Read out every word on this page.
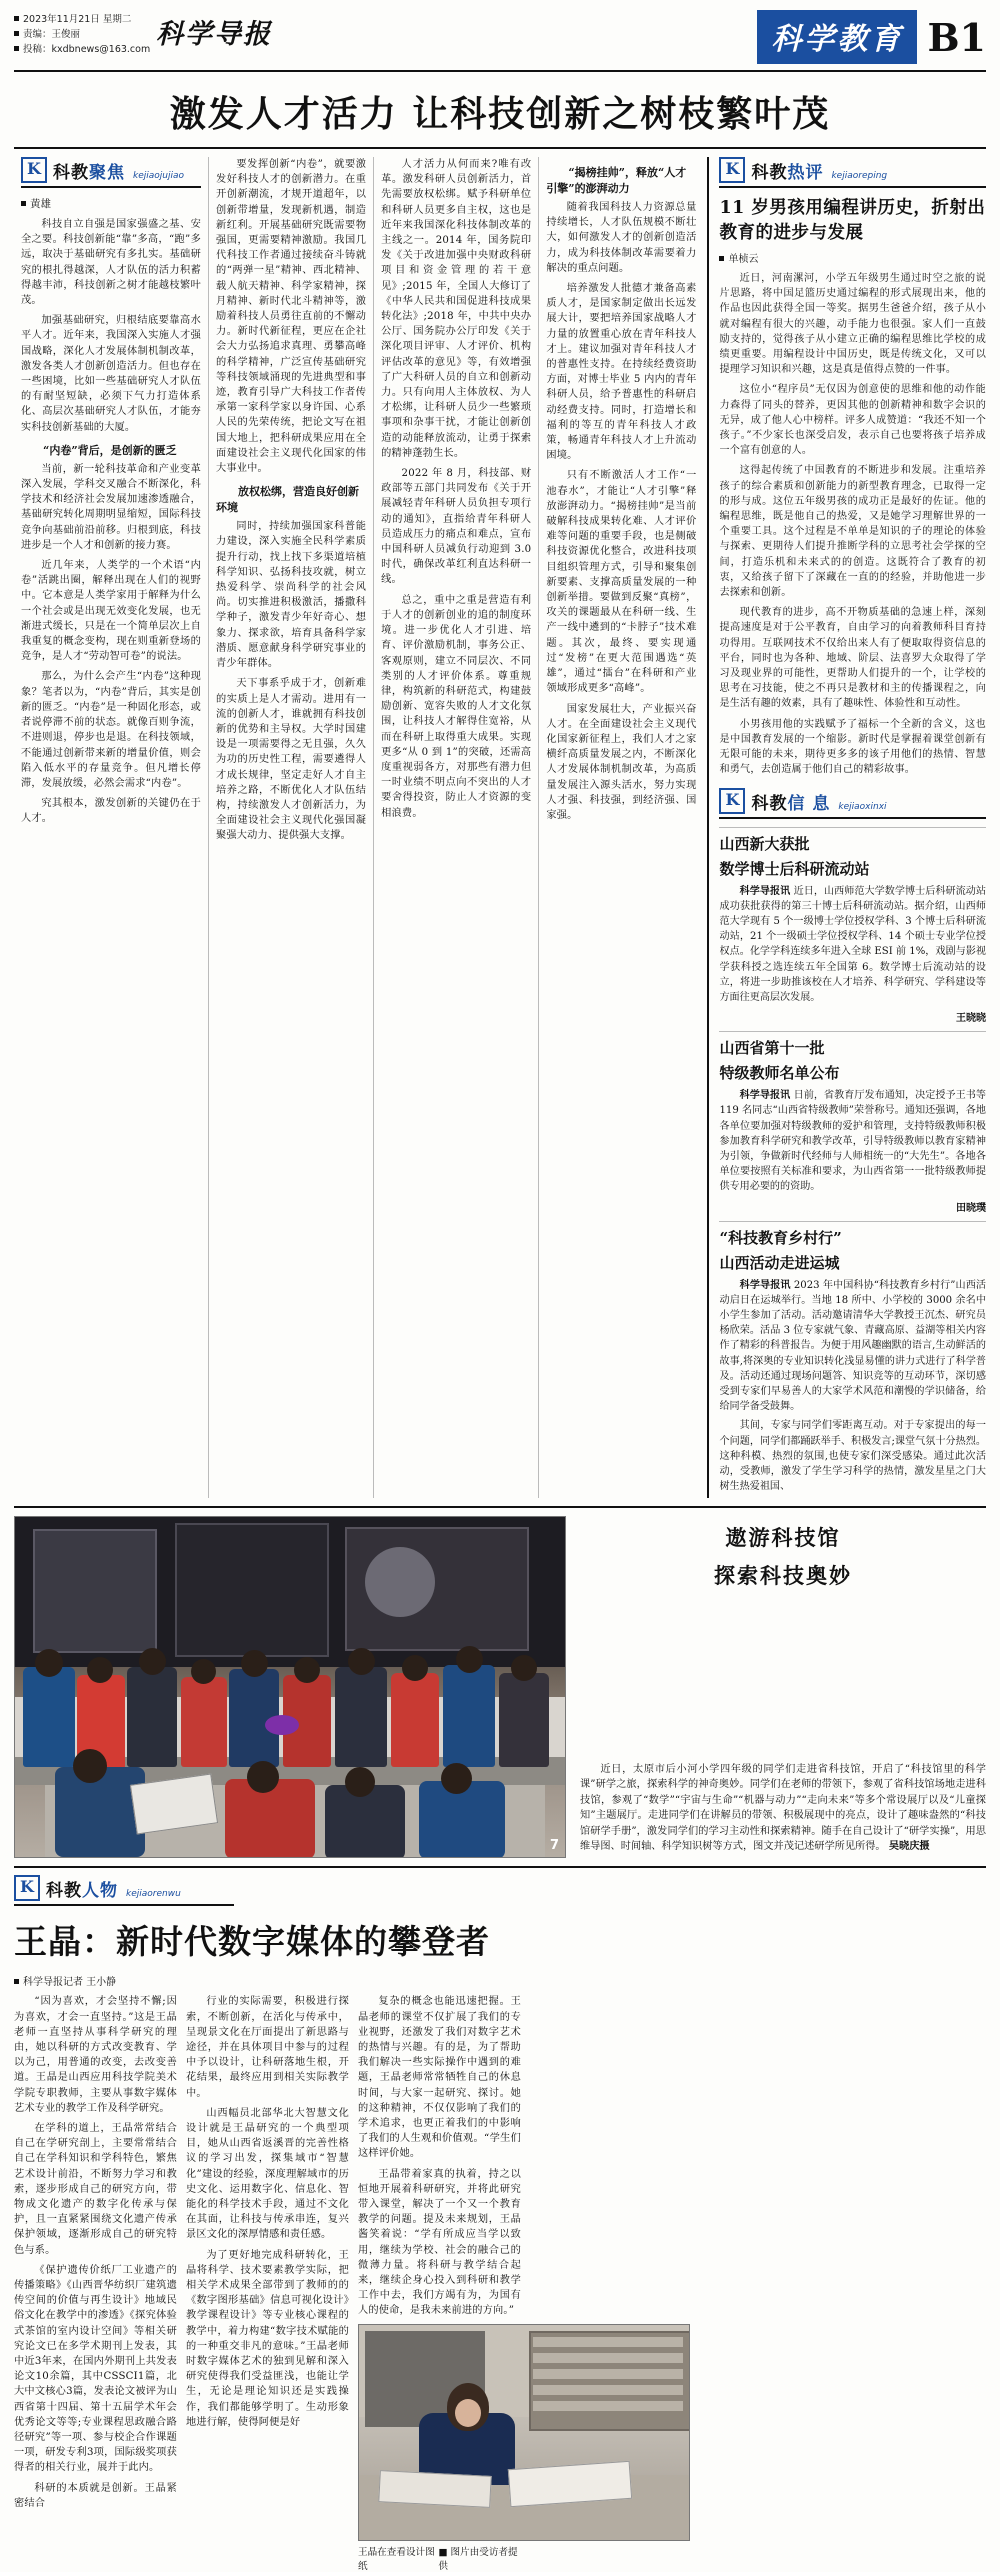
2023年11月21日 星期二
责编：王俊丽
投稿：kxdbnews@163.com 科学导报	科学教育 B1
激发人才活力 让科技创新之树枝繁叶茂
K 科教聚焦 kejiaojujiao
黄雄

科技自立自强是国家强盛之基、安全之要。科技创新能“靠”多高，“跑”多远，取决于基础研究有多扎实。基础研究的根扎得越深，人才队伍的活力积蓄得越丰沛，科技创新之树才能越枝繁叶茂。

加强基础研究，归根结底要靠高水平人才。近年来，我国深入实施人才强国战略，深化人才发展体制机制改革，激发各类人才创新创造活力。但也存在一些困境，比如一些基础研究人才队伍的有耐坚短缺，必须下气力打造体系化、高层次基础研究人才队伍，才能夯实科技创新基础的大厦。

“内卷”背后，是创新的匮乏

当前，新一轮科技革命和产业变革深入发展，学科交叉融合不断深化，科学技术和经济社会发展加速渗透融合，基础研究转化周期明显缩短，国际科技竞争向基础前沿前移。归根到底，科技进步是一个人才和创新的接力赛。

近几年来，人类学的一个术语“内卷”活跳出圈，解释出现在人们的视野中。它本意是人类学家用于解释为什么一个社会或是出现无效变化发展，也无渐进式缓长，只是在一个简单层次上自我重复的概念变构，现在则重新登场的竞争，是人才“劳动智可卷”的说法。

那么，为什么会产生“内卷”这种现象？笔者以为，“内卷”背后，其实是创新的匮乏。“内卷”是一种固化形态，或者说停滞不前的状态。就像百则争流，不进则退，停步也是退。在科技领域，不能通过创新带来新的增量价值，则会陷入低水平的存量竞争。但凡增长停滞，发展放缓，必然会需求“内卷”。

究其根本，激发创新的关键仍在于人才。

要发挥创新“内卷”，就要激发好科技人才的创新潜力。在重开创新潮流，才规开道超年，以创新带增量，发现新机遇，制造新红利。开展基础研究既需要物强国，更需要精神激励。我国几代科技工作者通过接续奋斗铸就的“两弹一星”精神、西北精神、载人航天精神、科学家精神，探月精神、新时代北斗精神等，激励着科技人员勇往直前的不懈动力。新时代新征程，更应在企社会大力弘扬追求真理、勇攀高峰的科学精神，广泛宣传基础研究等科技领域涌现的先进典型和事迹，教育引导广大科技工作者传承第一家科学家以身许国、心系人民的先荣传统，把论文写在祖国大地上，把科研成果应用在全面建设社会主义现代化国家的伟大事业中。

放权松绑，营造良好创新环境

同时，持续加强国家科普能力建设，深入实施全民科学素质提升行动，找上找下多渠道培植科学知识、弘扬科技攻就，树立热爱科学、崇尚科学的社会风尚。切实推进积极激活，播撒科学种子，激发青少年好奇心、想象力、探求欲，培育具备科学家潜质、愿意献身科学研究事业的青少年群体。

天下事系乎成于才，创新难的实质上是人才需动。进用有一流的创新人才，谁就拥有科技创新的优势和主导权。大学时国建设是一项需要得之无且强，久久为功的历史性工程，需要遴得人才成长规律，坚定走好人才自主培养之路，不断优化人才队伍结构，持续激发人才创新活力，为全面建设社会主义现代化强国凝聚强大动力、提供强大支撑。

人才活力从何而来?唯有改革。激发科研人员创新活力，首先需要放权松绑。赋予科研单位和科研人员更多自主权，这也是近年来我国深化科技体制改革的主线之一。2014 年，国务院印发《关于改进加强中央财政科研项目和资金管理的若干意见》;2015 年，全国人大修订了《中华人民共和国促进科技成果转化法》;2018 年，中共中央办公厅、国务院办公厅印发《关于深化项目评审、人才评价、机构评估改革的意见》等，有效增强了广大科研人员的自立和创新动力。只有向用人主体放权、为人才松绑，让科研人员少一些繁琐事项和杂事干扰，才能让创新创造的动能释放流动，让勇于探索的精神蓬勃生长。

2022 年 8 月，科技部、财政部等五部门共同发布《关于开展减轻青年科研人员负担专项行动的通知》，直指给青年科研人员造成压力的痛点和难点，宣布中国科研人员减负行动迎到 3.0 时代，确保改革红利直达科研一线。

总之，重中之重是营造有利于人才的创新创业的追的制度环境。进一步优化人才引进、培育、评价激励机制，事务公正、客观原则，建立不同层次、不同类别的人才评价体系。尊重规律，构筑新的科研范式，构建鼓励创新、宽容失败的人才文化氛围，让科技人才解得住宽裕，从而在科研上取得重大成果。实现更多“从 0 到 1”的突破，还需高度重视弱各方，对那些有潜力但一时业绩不明点向不突出的人才要舍得投资，防止人才资源的变相浪费。

“揭榜挂帅”，释放“人才引擎”的澎湃动力

随着我国科技人力资源总量持续增长，人才队伍规模不断壮大，如何激发人才的创新创造活力，成为科技体制改革需要着力解决的重点问题。

培养激发人批德才兼备高素质人才，是国家制定做出长远发展大计，要把培养国家战略人才力量的放置重心放在青年科技人才上。建议加强对青年科技人才的普惠性支持。在持续经费资助方面，对博士毕业 5 内内的青年科研人员，给予普惠性的科研启动经费支持。同时，打造增长和福利的等互的青年科技人才政策，畅通青年科技人才上升流动困境。

只有不断激活人才工作“一池春水”，才能让“人才引擎”释放澎湃动力。“揭榜挂帅”是当前破解科技成果转化难、人才评价难等问题的重要手段，也是侧破科技资源优化整合，改进科技项目组织管理方式，引导和聚集创新要素、支撑高质量发展的一种创新举措。要做到反聚“真榜”，攻关的课题最从在科研一线、生产一线中遴到的“卡脖子”技术难题。其次，最终、要实现通过“发榜”在更大范围遇选“英雄”，通过“擂台”在科研和产业领域形成更多“高峰”。

国家发展壮大，产业振兴奋人才。在全面建设社会主义现代化国家新征程上，我们人才之家横纤高质量发展之内，不断深化人才发展体制机制改革，为高质量发展注入源头活水，努力实现人才强、科技强，到经济强、国家强。

K 科教热评 kejiaoreping
11 岁男孩用编程讲历史，折射出教育的进步与发展
单桢云

近日，河南漯河，小学五年级男生通过时空之旅的说片思路，将中国足篮历史通过编程的形式展现出来，他的作品也因此获得全国一等奖。据男生爸爸介绍，孩子从小就对编程有很大的兴趣，动手能力也很强。家人们一直鼓励支持的，觉得孩子从小建立正确的编程思维比学校的成绩更重要。用编程设计中国历史，既是传统文化，又可以提理学习知识和兴趣，这是真是值得点赞的一件事。

这位小“程序员”无仅因为创意使的思维和他的动作能力森得了同头的替养，更因其他的创新精神和数字会识的无异，成了他人心中榜样。评多人成赞道：“我还不知一个孩子。”不少家长也深受启发，表示自己也要将孩子培养成一个富有创意的人。

这得起传统了中国教育的不断进步和发展。注重培养孩子的综合素质和创新能力的新型教育理念，已取得一定的形与成。这位五年级男孩的成功正是最好的佐证。他的编程思维，既是他自己的热爱，又是她学习理解世界的一个重要工具。这个过程是不单单是知识的子的理论的体验与探索、更期待人们提升推断学科的立思考社会学探的空间，打造乐机和未来式的的创造。这既符合了教育的初衷，又给孩子留下了深藏在一直的的经验，并助他进一步去探索和创新。

现代教育的进步，高不开物质基础的急速上样，深刻提高速度是对于公平教育，自由学习的向着教师科目育持功得用。互联网技术不仅给出来人有了便取取得资信息的平台，同时也为各种、地域、阶层、法喜罗大众取得了学习及现业界的可能性，更帮助人们提升的一个，让学校的思考在习技能，使之不再只是教材和主的传播课程之，向是生活有趣的效素，具有了趣味性、体验性和互动性。

小男孩用他的实践赋予了福标一个全新的含义，这也是中国教育发展的一个缩影。新时代是掌握着课堂创新有无限可能的未来，期待更多多的该子用他们的热情、智慧和勇气，去创造属于他们自己的精彩故事。

K 科教信 息 kejiaoxinxi
山西新大获批
数学博士后科研流动站

科学导报讯 近日，山西师范大学数学博士后科研流动站成功获批获得的第三十博士后科研流动站。据介绍，山西师范大学现有 5 个一级博士学位授权学科、3 个博士后科研流动站，21 个一级硕士学位授权学科、14 个硕士专业学位授权点。化学学科连续多年进入全球 ESI 前 1%，戏剧与影视学获科授之选连续五年全国第 6。数学博士后流动站的设立，将进一步助推该校在人才培养、科学研究、学科建设等方面往更高层次发展。

王晓晓
山西省第十一批
特级教师名单公布

科学导报讯 日前，省教育厅发布通知，决定授予王书等 119 名同志“山西省特级教师”荣誉称号。通知还强调，各地各单位要加强对特级教师的爱护和管理，支持特级教师积极参加教育科学研究和教学改革，引导特级教师以教育家精神为引领，争做新时代经师与人师相统一的“大先生”。各地各单位要按照有关标准和要求，为山西省第一一批特级教师提供专用必要的的资助。

田晓璞
“科技教育乡村行”
山西活动走进运城

科学导报讯 2023 年中国科协“科技教育乡村行”山西活动启日在运城举行。当地 18 所中、小学校的 3000 余名中小学生参加了活动。活动邀请清华大学教授王沉杰、研究员杨欣荣。活品 3 位专家就气象、青藏高原、益湖等相关内容作了精彩的科普报告。为便于用风趣幽默的语言,生动鲜活的故事,将深奥的专业知识转化浅显易懂的讲力式进行了科学普及。活动还通过现场问题答、知识竞等的互动环节，深切感受到专家们早易善人的大家学术风范和潮慢的学识储备，给给同学备受鼓舞。

其间，专家与同学们零距离互动。对于专家提出的每一个问题，同学们都踊跃举手、积极发言;课堂气氛十分热烈。这种科模、热烈的氛围,也使专家们深受感染。通过此次活动，受教师，激发了学生学习科学的热情，激发星星之门大树生热爱祖国、

7
遨游科技馆
探索科技奥妙
近日，太原市后小河小学四年级的同学们走进省科技馆，开启了“科技馆里的科学课”研学之旅，探索科学的神奇奥妙。同学们在老师的带领下，参观了省科技馆场地走进科技馆，参观了“数学”“宇宙与生命”“机器与动力”“走向未来”等多个常设展厅以及“儿童探知”主题展厅。走进同学们在讲解员的带领、积极展现中的亮点，设计了趣味盎然的“科技馆研学手册”，激发同学们的学习主动性和探索精神。随手在自己设计了“研学实操”，用思维导图、时间轴、科学知识树等方式，图文并茂记述研学所见所得。 吴晓庆摄
K 科教人物 kejiaorenwu
王晶：新时代数字媒体的攀登者
科学导报记者 王小静

“因为喜欢，才会坚持不懈;因为喜欢，才会一直坚持。”这是王晶老师一直坚持从事科学研究的理由，她以科研的方式改变教育、学以为己，用普通的改变，去改变善道。王晶是山西应用科技学院美术学院专职教师，主要从事数字媒体艺术专业的教学工作及科学研究。

在学科的道上，王晶常常结合自己在学研究剖上，主要常常结合自己在学科知识和学科特色，繁焦艺术设计前沿，不断努力学习和教索，逐步形成自己的研究方向，带物成文化遗产的数字化传承与保护，且一直紧紧围绕文化遗产传承保护领域，逐渐形成自己的研究特色与系。

《保护遗传价纸厂工业遗产的传播策略》《山西晋华纺织厂建筑遗传空间的价值与再生设计》地域民俗文化在教学中的渗透》《探究体验式茶馆的室内设计空间》等相关研究论文已在多学术期刊上发表，其中近3年来，在国内外期刊上共发表论文10余篇，其中CSSCI1篇，北大中文核心3篇，发表论文被评为山西省第十四届、第十五届学术年会优秀论文等等;专业课程思政融合路径研究”等一项、参与校企合作课题一项，研发专利3项，国际级奖项获得者的相关行业，展并于此内。

科研的本质就是创新。王晶紧密结合

行业的实际需要，积极进行探索，不断创新，在活化与传承中，呈现景文化在厅面提出了新思路与途径，并在具体项目中参与的过程中予以设计，让科研落地生根，开花结果，最终应用到相关实际教学中。

山西幅员北部华北大智慧文化设计就是王晶研究的一个典型项目，她从山西省返溪晋的完善性格议的学习出发，探集域市“智慧化”建设的经验，深度理解域市的历史文化、运用数字化、信息化、智能化的科学技术手段，通过不文化在其面，让科技与传承串连，复兴景区文化的深厚情感和责任感。

为了更好地完成科研转化，王晶将科学、技术要素教学实际，把相关学术成果全部带到了教师的的《数字图形基础》信息可视化设计》教学课程设计》等专业核心课程的教学中，着力构建“数字技术赋能的的一种重交非凡的意味。”王晶老师时数字媒体艺术的独到见解和深入研究使得我们受益匪浅，也能让学生，无论是理论知识还是实践操作，我们都能够学明了。生动形象地进行解，使得阿便是好

复杂的概念也能迅速把握。王晶老师的课堂不仅扩展了我们的专业视野，还激发了我们对数字艺术的热情与兴趣。有的是，为了帮助我们解决一些实际操作中遇到的难题，王晶老师常常牺牲自己的休息时间，与大家一起研究、探讨。她的这种精神，不仅仅影响了我们的学术追求，也更正着我们的中影响了我们的人生观和价值观。“学生们这样评价她。

王晶带着家真的执着，持之以恒地开展着科研研究，并将此研究带入课堂，解决了一个又一个教育教学的问题。提及未来规划，王晶酱笑着说：“学有所成应当学以致用，继续为学校、社会的融合己的微薄力量。将科研与教学结合起来，继续企身心投入到科研和教学工作中去，我们方竭有为，为国有人的使命，是我未来前进的方向。”

王晶在查看设计图纸
■ 图片由受访者提供
